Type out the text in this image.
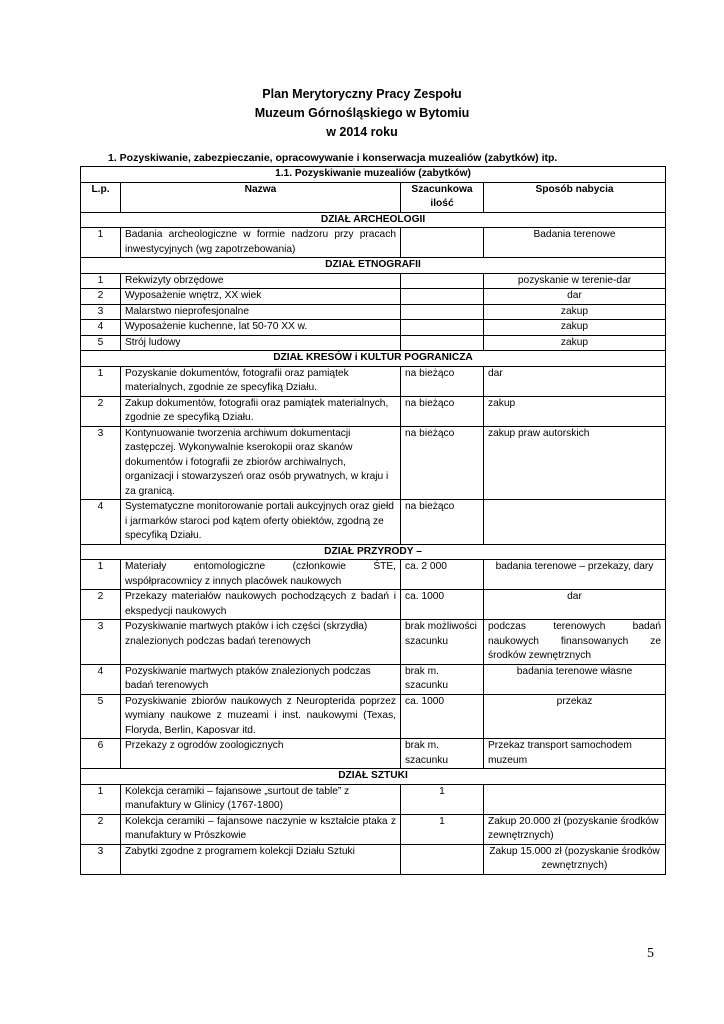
Plan Merytoryczny Pracy Zespołu
Muzeum Górnośląskiego w Bytomiu
w 2014 roku
1. Pozyskiwanie, zabezpieczanie, opracowywanie i konserwacja muzealiów (zabytków) itp.
1.1. Pozyskiwanie muzealiów (zabytków)			
L.p.	Nazwa	Szacunkowa ilość	Sposób nabycia
DZIAŁ ARCHEOLOGII			
1	Badania archeologiczne w formie nadzoru przy pracach inwestycyjnych (wg zapotrzebowania)		Badania terenowe
DZIAŁ ETNOGRAFII			
1	Rekwizyty obrzędowe		pozyskanie w terenie-dar
2	Wyposażenie wnętrz, XX wiek		dar
3	Malarstwo nieprofesjonalne		zakup
4	Wyposażenie kuchenne, lat 50-70 XX w.		zakup
5	Strój ludowy		zakup
DZIAŁ KRESÓW i KULTUR POGRANICZA			
1	Pozyskanie dokumentów, fotografii oraz pamiątek materialnych, zgodnie ze specyfiką Działu.	na bieżąco	dar
2	Zakup dokumentów, fotografii oraz pamiątek materialnych, zgodnie ze specyfiką Działu.	na bieżąco	zakup
3	Kontynuowanie tworzenia archiwum dokumentacji zastępczej. Wykonywalnie kserokopii oraz skanów dokumentów i fotografii ze zbiorów archiwalnych, organizacji i stowarzyszeń oraz osób prywatnych, w kraju i za granicą.	na bieżąco	zakup praw autorskich
4	Systematyczne monitorowanie portali aukcyjnych oraz giełd i jarmarków staroci pod kątem oferty obiektów, zgodną ze specyfiką Działu.	na bieżąco	
DZIAŁ PRZYRODY –			
1	Materiały entomologiczne (członkowie ŚTE, współpracownicy z innych placówek naukowych	ca. 2 000	badania terenowe – przekazy, dary
2	Przekazy materiałów naukowych pochodzących z badań i ekspedycji naukowych	ca. 1000	dar
3	Pozyskiwanie martwych ptaków i ich części (skrzydła) znalezionych podczas badań terenowych	brak możliwości szacunku	podczas terenowych badań naukowych finansowanych ze środków zewnętrznych
4	Pozyskiwanie martwych ptaków znalezionych podczas badań terenowych	brak m. szacunku	badania terenowe własne
5	Pozyskiwanie zbiorów naukowych z Neuropterida poprzez wymiany naukowe z muzeami i inst. naukowymi (Texas, Floryda, Berlin, Kaposvar itd.	ca. 1000	przekaz
6	Przekazy z ogrodów zoologicznych	brak m. szacunku	Przekaz transport samochodem muzeum
DZIAŁ SZTUKI			
1	Kolekcja ceramiki – fajansowe „surtout de table” z manufaktury w Glinicy (1767-1800)	1	
2	Kolekcja ceramiki – fajansowe naczynie w kształcie ptaka z manufaktury w Prószkowie	1	Zakup 20.000 zł (pozyskanie środków zewnętrznych)
3	Zabytki zgodne z programem kolekcji Działu Sztuki		Zakup 15.000 zł (pozyskanie środków zewnętrznych)
5
